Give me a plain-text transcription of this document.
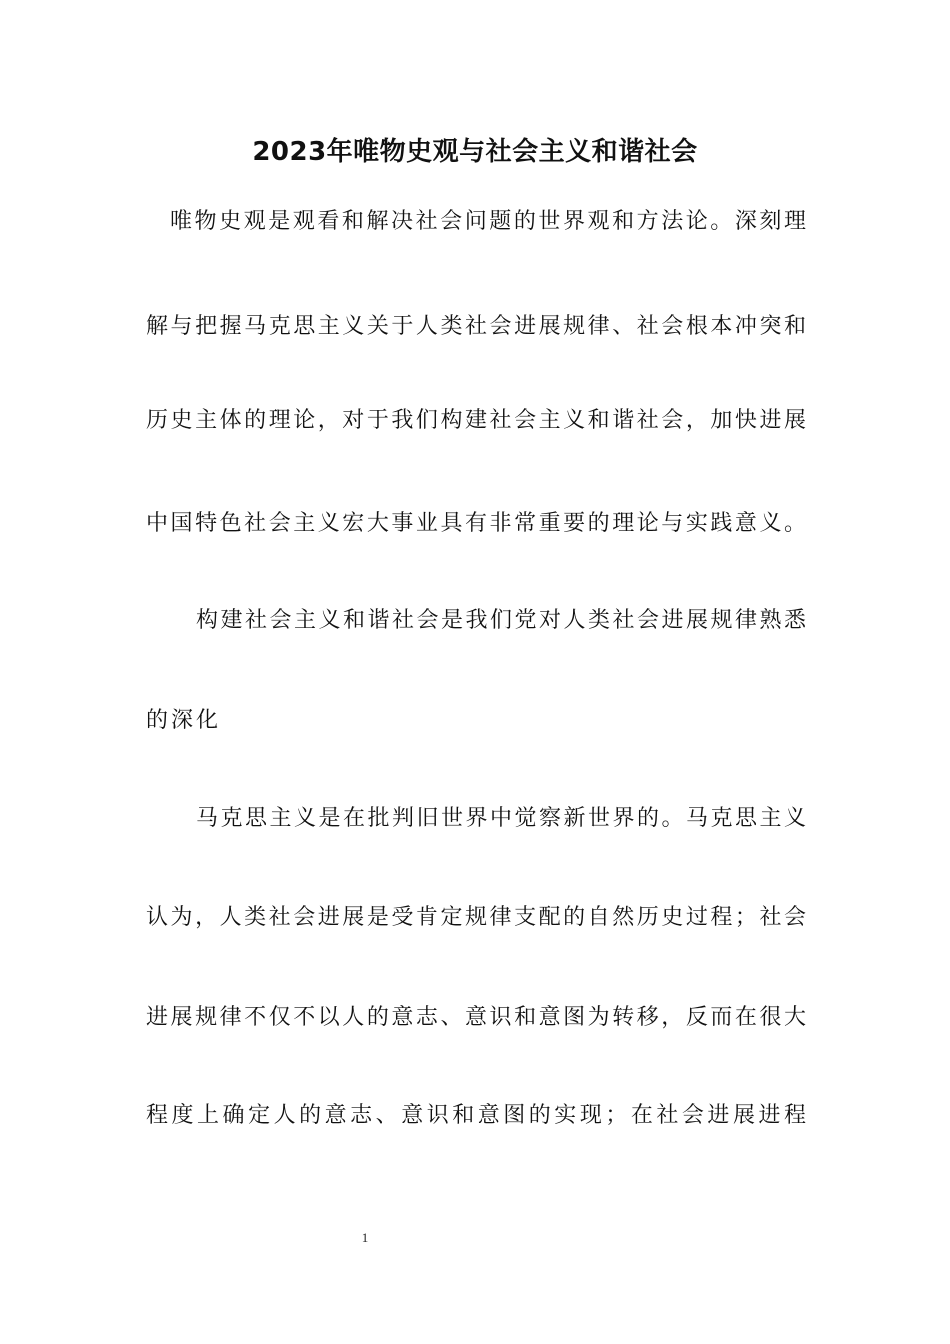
2023年唯物史观与社会主义和谐社会

唯物史观是观看和解决社会问题的世界观和方法论。深刻理

解与把握马克思主义关于人类社会进展规律、社会根本冲突和

历史主体的理论，对于我们构建社会主义和谐社会，加快进展

中国特色社会主义宏大事业具有非常重要的理论与实践意义。

构建社会主义和谐社会是我们党对人类社会进展规律熟悉

的深化

马克思主义是在批判旧世界中觉察新世界的。马克思主义

认为，人类社会进展是受肯定规律支配的自然历史过程；社会

进展规律不仅不以人的意志、意识和意图为转移，反而在很大

程度上确定人的意志、意识和意图的实现；在社会进展进程

1
